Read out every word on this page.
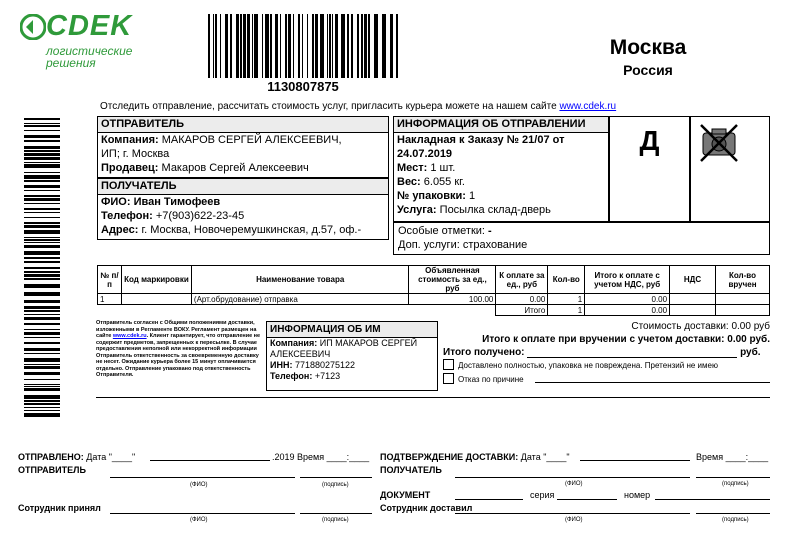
CDEK
логистические
решения
1130807875
Москва
Россия
Отследить отправление, рассчитать стоимость услуг, пригласить курьера можете на нашем сайте www.cdek.ru
ОТПРАВИТЕЛЬ
Компания: МАКАРОВ СЕРГЕЙ АЛЕКСЕЕВИЧ,
ИП; г. Москва
Продавец: Макаров Сергей Алексеевич
ПОЛУЧАТЕЛЬ
ФИО: Иван Тимофеев
Телефон: +7(903)622-23-45
Адрес: г. Москва, Новочеремушкинская, д.57, оф.-
ИНФОРМАЦИЯ ОБ ОТПРАВЛЕНИИ
Накладная к Заказу № 21/07 от 24.07.2019
Мест: 1 шт.
Вес: 6.055 кг.
№ упаковки: 1
Услуга: Посылка склад-дверь
Д
Особые отметки: -
Доп. услуги: страхование
№ п/п	Код маркировки	Наименование товара	Объявленная стоимость за ед., руб	К оплате за ед., руб	Кол-во	Итого к оплате с учетом НДС, руб	НДС	Кол-во вручен
1		(Арт.обрудование) отправка	100.00	0.00	1	0.00		
				Итого	1	0.00		
Отправитель согласен с Общими положениями доставки, изложенными в Регламенте ВОКУ. Регламент размещен на сайте www.cdek.ru. Клиент гарантирует, что отправление не содержит предметов, запрещенных к пересылке. В случае предоставления неполной или некорректной информации Отправитель ответственность за своевременную доставку не несет. Ожидание курьера более 15 минут оплачивается отдельно. Отправление упаковано под ответственность Отправителя.
ИНФОРМАЦИЯ ОБ ИМ
Компания: ИП МАКАРОВ СЕРГЕЙ
АЛЕКСЕЕВИЧ
ИНН: 771880275122
Телефон: +7123
Стоимость доставки: 0.00 руб
Итого к оплате при вручении с учетом доставки: 0.00 руб.
Итого получено:	руб.
Доставлено полностью, упаковка не повреждена. Претензий не имею
Отказ по причине
ОТПРАВЛЕНО: Дата "____"	.2019 Время ____:____ ПОДТВЕРЖДЕНИЕ ДОСТАВКИ: Дата "____"	Время ____:____
ОТПРАВИТЕЛЬ
(ФИО)	(подпись)
ПОЛУЧАТЕЛЬ
(ФИО)	(подпись)
ДОКУМЕНТ	серия	номер
Сотрудник принял
(ФИО)	(подпись)
Сотрудник доставил
(ФИО)	(подпись)
